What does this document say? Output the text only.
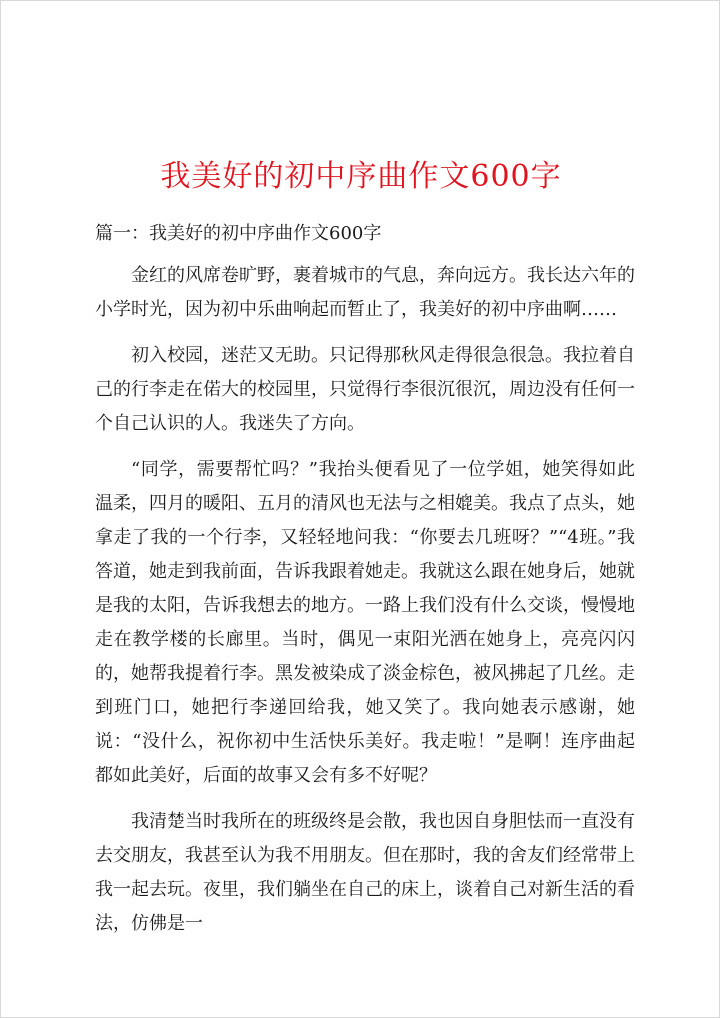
我美好的初中序曲作文600字

篇一：我美好的初中序曲作文600字

金红的风席卷旷野，裹着城市的气息，奔向远方。我长达六年的小学时光，因为初中乐曲响起而暂止了，我美好的初中序曲啊……

初入校园，迷茫又无助。只记得那秋风走得很急很急。我拉着自己的行李走在偌大的校园里，只觉得行李很沉很沉，周边没有任何一个自己认识的人。我迷失了方向。

“同学，需要帮忙吗？”我抬头便看见了一位学姐，她笑得如此温柔，四月的暖阳、五月的清风也无法与之相媲美。我点了点头，她拿走了我的一个行李，又轻轻地问我：“你要去几班呀？”“4班。”我答道，她走到我前面，告诉我跟着她走。我就这么跟在她身后，她就是我的太阳，告诉我想去的地方。一路上我们没有什么交谈，慢慢地走在教学楼的长廊里。当时，偶见一束阳光洒在她身上，亮亮闪闪的，她帮我提着行李。黑发被染成了淡金棕色，被风拂起了几丝。走到班门口，她把行李递回给我，她又笑了。我向她表示感谢，她说：“没什么，祝你初中生活快乐美好。我走啦！”是啊！连序曲起都如此美好，后面的故事又会有多不好呢？

我清楚当时我所在的班级终是会散，我也因自身胆怯而一直没有去交朋友，我甚至认为我不用朋友。但在那时，我的舍友们经常带上我一起去玩。夜里，我们躺坐在自己的床上，谈着自己对新生活的看法，仿佛是一
